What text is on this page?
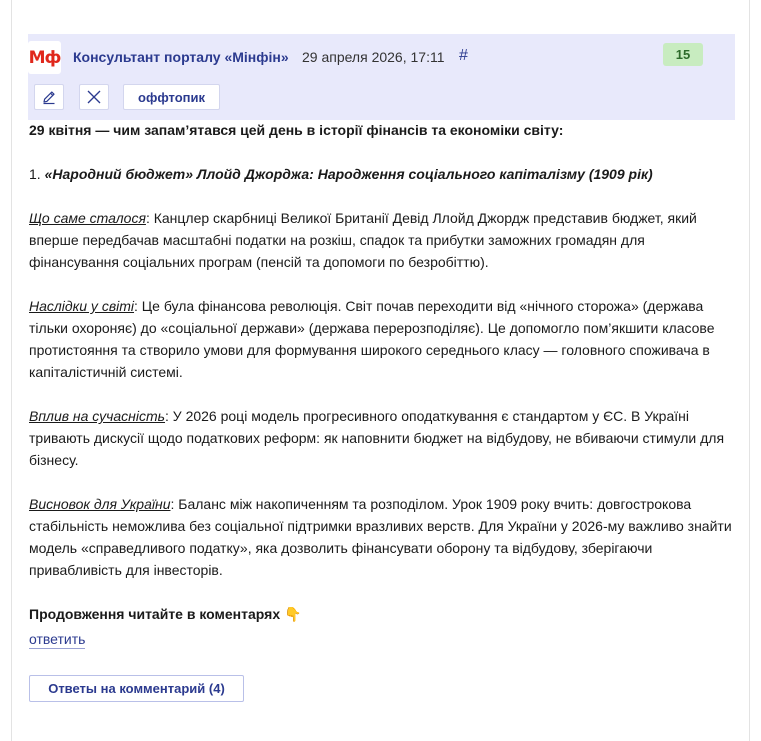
Мф Консультант порталу «Мінфін» 29 апреля 2026, 17:11 #	15
оффтопик

29 квітня — чим запам’ятався цей день в історії фінансів та економіки світу:

1. «Народний бюджет» Ллойд Джорджа: Народження соціального капіталізму (1909 рік)

Що саме сталося: Канцлер скарбниці Великої Британії Девід Ллойд Джордж представив бюджет, який вперше передбачав масштабні податки на розкіш, спадок та прибутки заможних громадян для фінансування соціальних програм (пенсій та допомоги по безробіттю).

Наслідки у світі: Це була фінансова революція. Світ почав переходити від «нічного сторожа» (держава тільки охороняє) до «соціальної держави» (держава перерозподіляє). Це допомогло пом’якшити класове протистояння та створило умови для формування широкого середнього класу — головного споживача в капіталістичній системі.

Вплив на сучасність: У 2026 році модель прогресивного оподаткування є стандартом у ЄС. В Україні тривають дискусії щодо податкових реформ: як наповнити бюджет на відбудову, не вбиваючи стимули для бізнесу.

Висновок для України: Баланс між накопиченням та розподілом. Урок 1909 року вчить: довгострокова стабільність неможлива без соціальної підтримки вразливих верств. Для України у 2026-му важливо знайти модель «справедливого податку», яка дозволить фінансувати оборону та відбудову, зберігаючи привабливість для інвесторів.

Продовження читайте в коментарях 👇

ответить
Ответы на комментарий (4)
